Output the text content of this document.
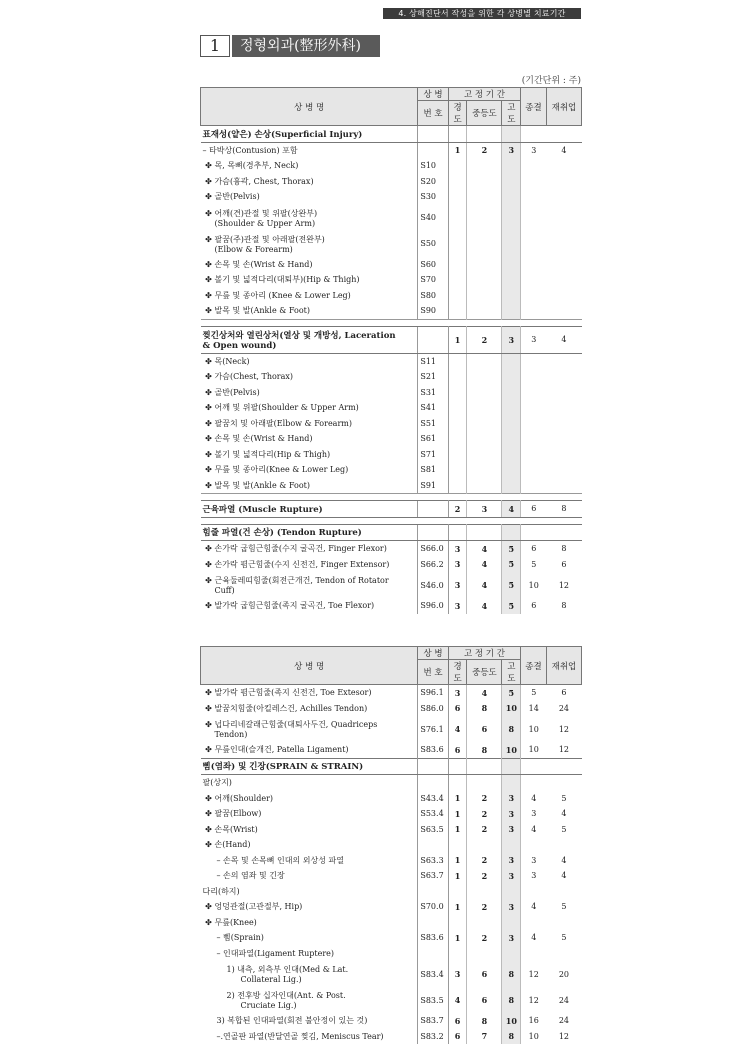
4. 상해진단서 작성을 위한 각 상병별 치료기간
1	정형외과(整形外科)
(기간단위 : 주)
상 병 명	상 병	고 정 기 간			종결	재취업
	번 호	경도	중등도	고도		
표재성(얕은) 손상(Superficial Injury)						
– 타박상(Contusion) 포함		1	2	3	3	4
✤ 목, 목뼈(경추부, Neck)	S10					
✤ 가슴(흉곽, Chest, Thorax)	S20					
✤ 골반(Pelvis)	S30					
✤ 어깨(견)관절 및 위팔(상완부)
(Shoulder & Upper Arm)	S40					
✤ 팔꿈(주)관절 및 아래팔(전완부)
(Elbow & Forearm)	S50					
✤ 손목 및 손(Wrist & Hand)	S60					
✤ 볼기 및 넓적다리(대퇴부)(Hip & Thigh)	S70					
✤ 무릎 및 종아리 (Knee & Lower Leg)	S80					
✤ 발목 및 발(Ankle & Foot)	S90					

찢긴상처와 열린상처(열상 및 개방성, Laceration
& Open wound)		1	2	3	3	4
✤ 목(Neck)	S11					
✤ 가슴(Chest, Thorax)	S21					
✤ 골반(Pelvis)	S31					
✤ 어깨 및 위팔(Shoulder & Upper Arm)	S41					
✤ 팔꿈치 및 아래팔(Elbow & Forearm)	S51					
✤ 손목 및 손(Wrist & Hand)	S61					
✤ 볼기 및 넓적다리(Hip & Thigh)	S71					
✤ 무릎 및 종아리(Knee & Lower Leg)	S81					
✤ 발목 및 발(Ankle & Foot)	S91					

근육파열 (Muscle Rupture)		2	3	4	6	8

힘줄 파열(건 손상) (Tendon Rupture)						
✤ 손가락 굽힘근힘줄(수지 굴곡건, Finger Flexor)	S66.0	3	4	5	6	8
✤ 손가락 폄근힘줄(수지 신전건, Finger Extensor)	S66.2	3	4	5	5	6
✤ 근육둘레띠힘줄(회전근개건, Tendon of Rotator
Cuff)	S46.0	3	4	5	10	12
✤ 발가락 굽힘근힘줄(족지 굴곡건, Toe Flexor)	S96.0	3	4	5	6	8
상 병 명	상 병	고 정 기 간			종결	재취업
	번 호	경도	중등도	고도		
✤ 발가락 폄근힘줄(족지 신전건, Toe Extesor)	S96.1	3	4	5	5	6
✤ 발꿈치힘줄(아킬레스건, Achilles Tendon)	S86.0	6	8	10	14	24
✤ 넙다리네갈래근힘줄(대퇴사두건, Quadriceps
Tendon)	S76.1	4	6	8	10	12
✤ 무릎인대(슬개건, Patella Ligament)	S83.6	6	8	10	10	12
삠(염좌) 및 긴장(SPRAIN & STRAIN)						
팔(상지)						
✤ 어깨(Shoulder)	S43.4	1	2	3	4	5
✤ 팔꿈(Elbow)	S53.4	1	2	3	3	4
✤ 손목(Wrist)	S63.5	1	2	3	4	5
✤ 손(Hand)						
– 손목 및 손목뼈 인대의 외상성 파열	S63.3	1	2	3	3	4
– 손의 염좌 및 긴장	S63.7	1	2	3	3	4
다리(하지)						
✤ 엉덩관절(고관절부, Hip)	S70.0	1	2	3	4	5
✤ 무릎(Knee)						
– 삠(Sprain)	S83.6	1	2	3	4	5
– 인대파열(Ligament Ruptere)						
1) 내측, 외측부 인대(Med & Lat.
Collateral Lig.)	S83.4	3	6	8	12	20
2) 전후방 십자인대(Ant. & Post.
Cruciate Lig.)	S83.5	4	6	8	12	24
3) 복합된 인대파열(회전 불안정이 있는 것)	S83.7	6	8	10	16	24
–.연골판 파열(반달연골 찢김, Meniscus Tear)	S83.2	6	7	8	10	12
